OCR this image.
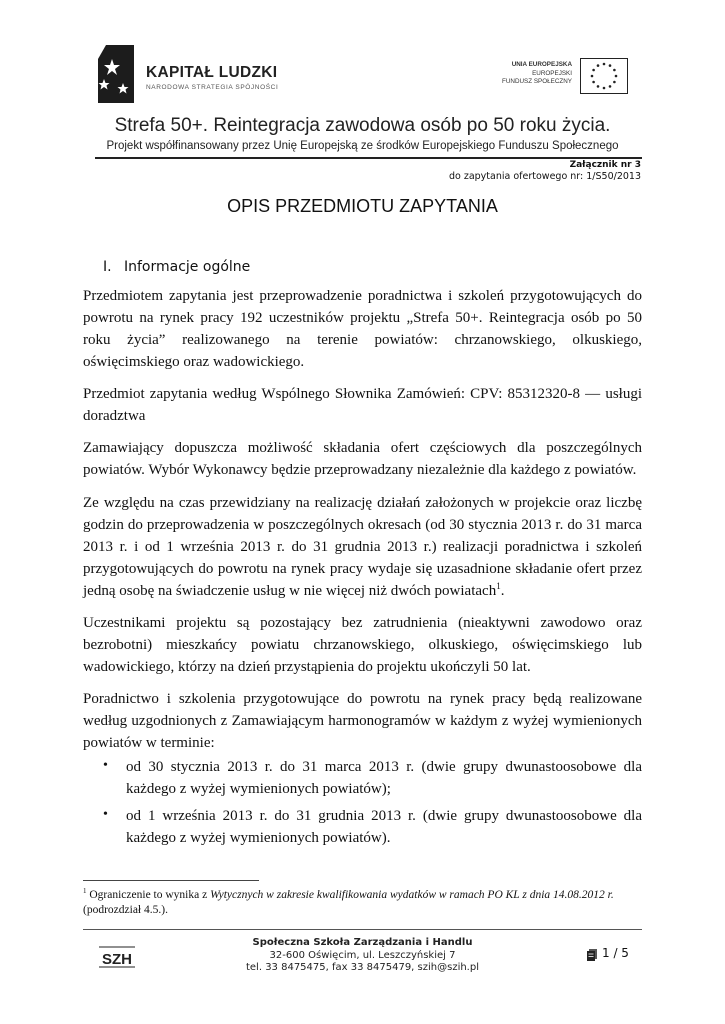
KAPITAŁ LUDZKI
NARODOWA STRATEGIA SPÓJNOŚCI
UNIA EUROPEJSKA
EUROPEJSKI
FUNDUSZ SPOŁECZNY
Strefa 50+. Reintegracja zawodowa osób po 50 roku życia.
Projekt współfinansowany przez Unię Europejską ze środków Europejskiego Funduszu Społecznego
Załącznik nr 3
do zapytania ofertowego nr: 1/S50/2013
OPIS PRZEDMIOTU ZAPYTANIA
I. Informacje ogólne
Przedmiotem zapytania jest przeprowadzenie poradnictwa i szkoleń przygotowujących do powrotu na rynek pracy 192 uczestników projektu „Strefa 50+. Reintegracja osób po 50 roku życia” realizowanego na terenie powiatów: chrzanowskiego, olkuskiego, oświęcimskiego oraz wadowickiego.
Przedmiot zapytania według Wspólnego Słownika Zamówień: CPV: 85312320-8 — usługi doradztwa
Zamawiający dopuszcza możliwość składania ofert częściowych dla poszczególnych powiatów. Wybór Wykonawcy będzie przeprowadzany niezależnie dla każdego z powiatów.
Ze względu na czas przewidziany na realizację działań założonych w projekcie oraz liczbę godzin do przeprowadzenia w poszczególnych okresach (od 30 stycznia 2013 r. do 31 marca 2013 r. i od 1 września 2013 r. do 31 grudnia 2013 r.) realizacji poradnictwa i szkoleń przygotowujących do powrotu na rynek pracy wydaje się uzasadnione składanie ofert przez jedną osobę na świadczenie usług w nie więcej niż dwóch powiatach$^1$.
Uczestnikami projektu są pozostający bez zatrudnienia (nieaktywni zawodowo oraz bezrobotni) mieszkańcy powiatu chrzanowskiego, olkuskiego, oświęcimskiego lub wadowickiego, którzy na dzień przystąpienia do projektu ukończyli 50 lat.
Poradnictwo i szkolenia przygotowujące do powrotu na rynek pracy będą realizowane według uzgodnionych z Zamawiającym harmonogramów w każdym z wyżej wymienionych powiatów w terminie:
• od 30 stycznia 2013 r. do 31 marca 2013 r. (dwie grupy dwunastoosobowe dla każdego z wyżej wymienionych powiatów);
• od 1 września 2013 r. do 31 grudnia 2013 r. (dwie grupy dwunastoosobowe dla każdego z wyżej wymienionych powiatów).
$^1$ Ograniczenie to wynika z Wytycznych w zakresie kwalifikowania wydatków w ramach PO KL z dnia 14.08.2012 r. (podrozdział 4.5.).
SZH
Społeczna Szkoła Zarządzania i Handlu
32-600 Oświęcim, ul. Leszczyńskiej 7
tel. 33 8475475, fax 33 8475479, szih@szih.pl
1 / 5
